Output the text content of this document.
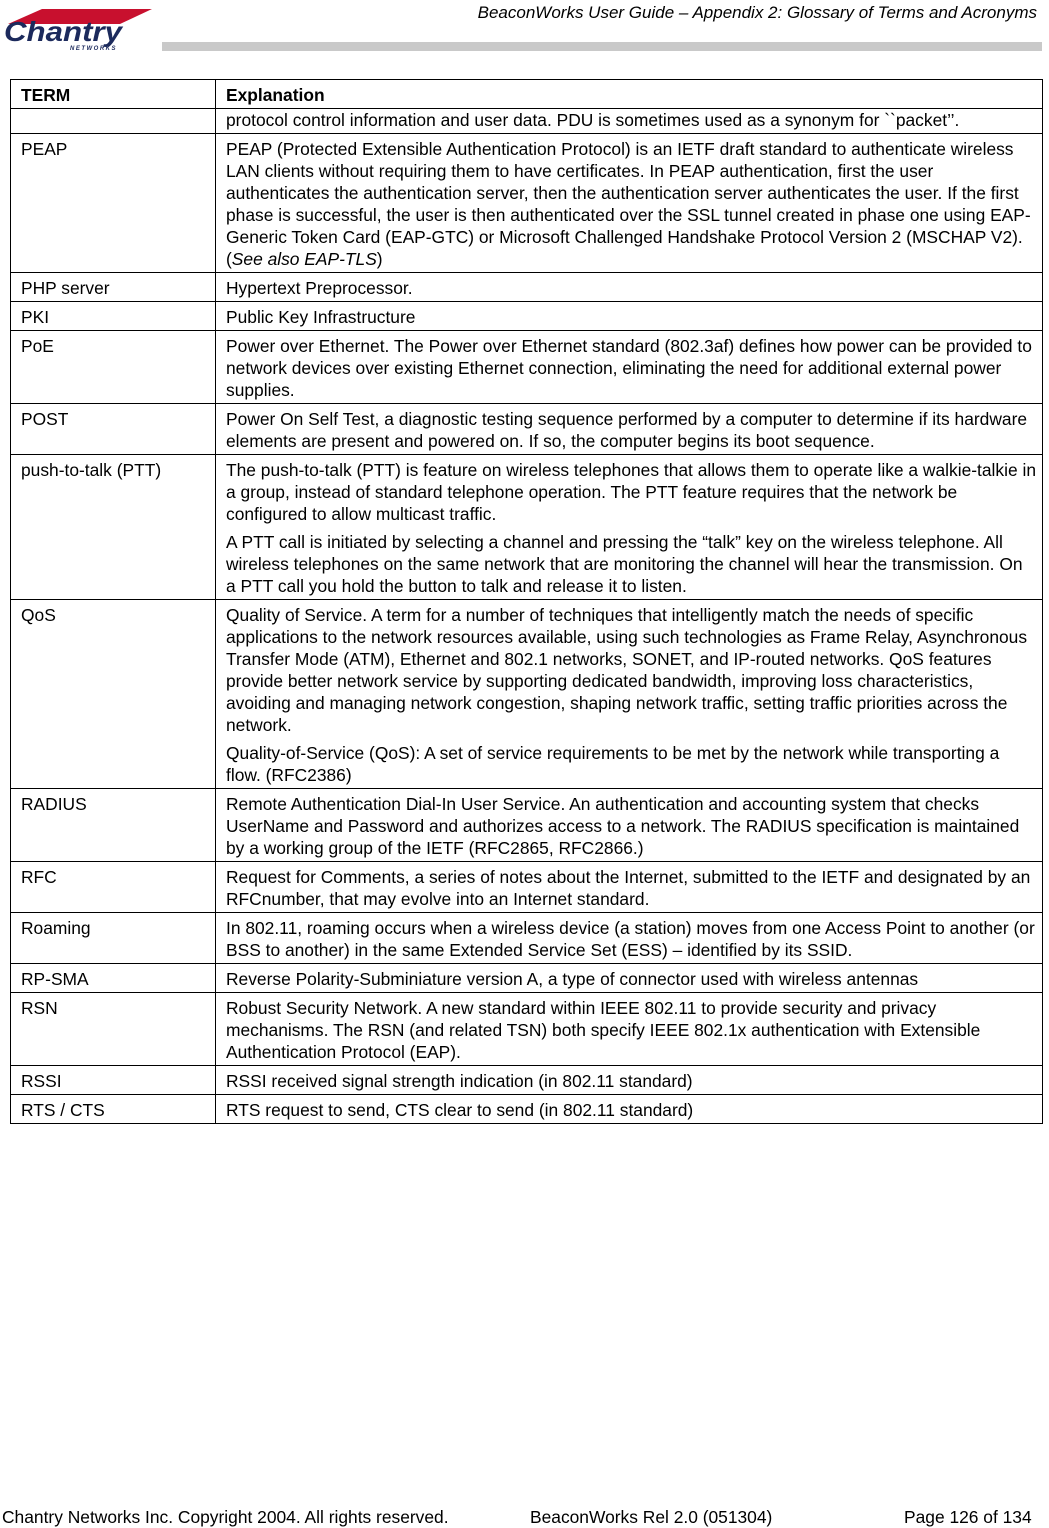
Chantry
NETWORKS
BeaconWorks User Guide – Appendix 2: Glossary of Terms and Acronyms
TERM	Explanation

	protocol control information and user data. PDU is sometimes used as a synonym for ``packet’’.

PEAP	PEAP (Protected Extensible Authentication Protocol) is an IETF draft standard to authenticate wireless LAN clients without requiring them to have certificates. In PEAP authentication, first the user authenticates the authentication server, then the authentication server authenticates the user. If the first phase is successful, the user is then authenticated over the SSL tunnel created in phase one using EAP-Generic Token Card (EAP-GTC) or Microsoft Challenged Handshake Protocol Version 2 (MSCHAP V2). (See also EAP-TLS)

PHP server	Hypertext Preprocessor.

PKI	Public Key Infrastructure

PoE	Power over Ethernet. The Power over Ethernet standard (802.3af) defines how power can be provided to network devices over existing Ethernet connection, eliminating the need for additional external power supplies.

POST	Power On Self Test, a diagnostic testing sequence performed by a computer to determine if its hardware elements are present and powered on. If so, the computer begins its boot sequence.

push-to-talk (PTT)	The push-to-talk (PTT) is feature on wireless telephones that allows them to operate like a walkie-talkie in a group, instead of standard telephone operation. The PTT feature requires that the network be configured to allow multicast traffic.

A PTT call is initiated by selecting a channel and pressing the “talk” key on the wireless telephone. All wireless telephones on the same network that are monitoring the channel will hear the transmission. On a PTT call you hold the button to talk and release it to listen.

QoS	Quality of Service. A term for a number of techniques that intelligently match the needs of specific applications to the network resources available, using such technologies as Frame Relay, Asynchronous Transfer Mode (ATM), Ethernet and 802.1 networks, SONET, and IP-routed networks. QoS features provide better network service by supporting dedicated bandwidth, improving loss characteristics, avoiding and managing network congestion, shaping network traffic, setting traffic priorities across the network.

Quality-of-Service (QoS): A set of service requirements to be met by the network while transporting a flow. (RFC2386)

RADIUS	Remote Authentication Dial-In User Service. An authentication and accounting system that checks UserName and Password and authorizes access to a network. The RADIUS specification is maintained by a working group of the IETF (RFC2865, RFC2866.)

RFC	Request for Comments, a series of notes about the Internet, submitted to the IETF and designated by an RFCnumber, that may evolve into an Internet standard.

Roaming	In 802.11, roaming occurs when a wireless device (a station) moves from one Access Point to another (or BSS to another) in the same Extended Service Set (ESS) – identified by its SSID.

RP-SMA	Reverse Polarity-Subminiature version A, a type of connector used with wireless antennas

RSN	Robust Security Network. A new standard within IEEE 802.11 to provide security and privacy mechanisms. The RSN (and related TSN) both specify IEEE 802.1x authentication with Extensible Authentication Protocol (EAP).

RSSI	RSSI received signal strength indication (in 802.11 standard)

RTS / CTS	RTS request to send, CTS clear to send (in 802.11 standard)

Chantry Networks Inc. Copyright 2004. All rights reserved.	BeaconWorks Rel 2.0 (051304)	Page 126 of 134
